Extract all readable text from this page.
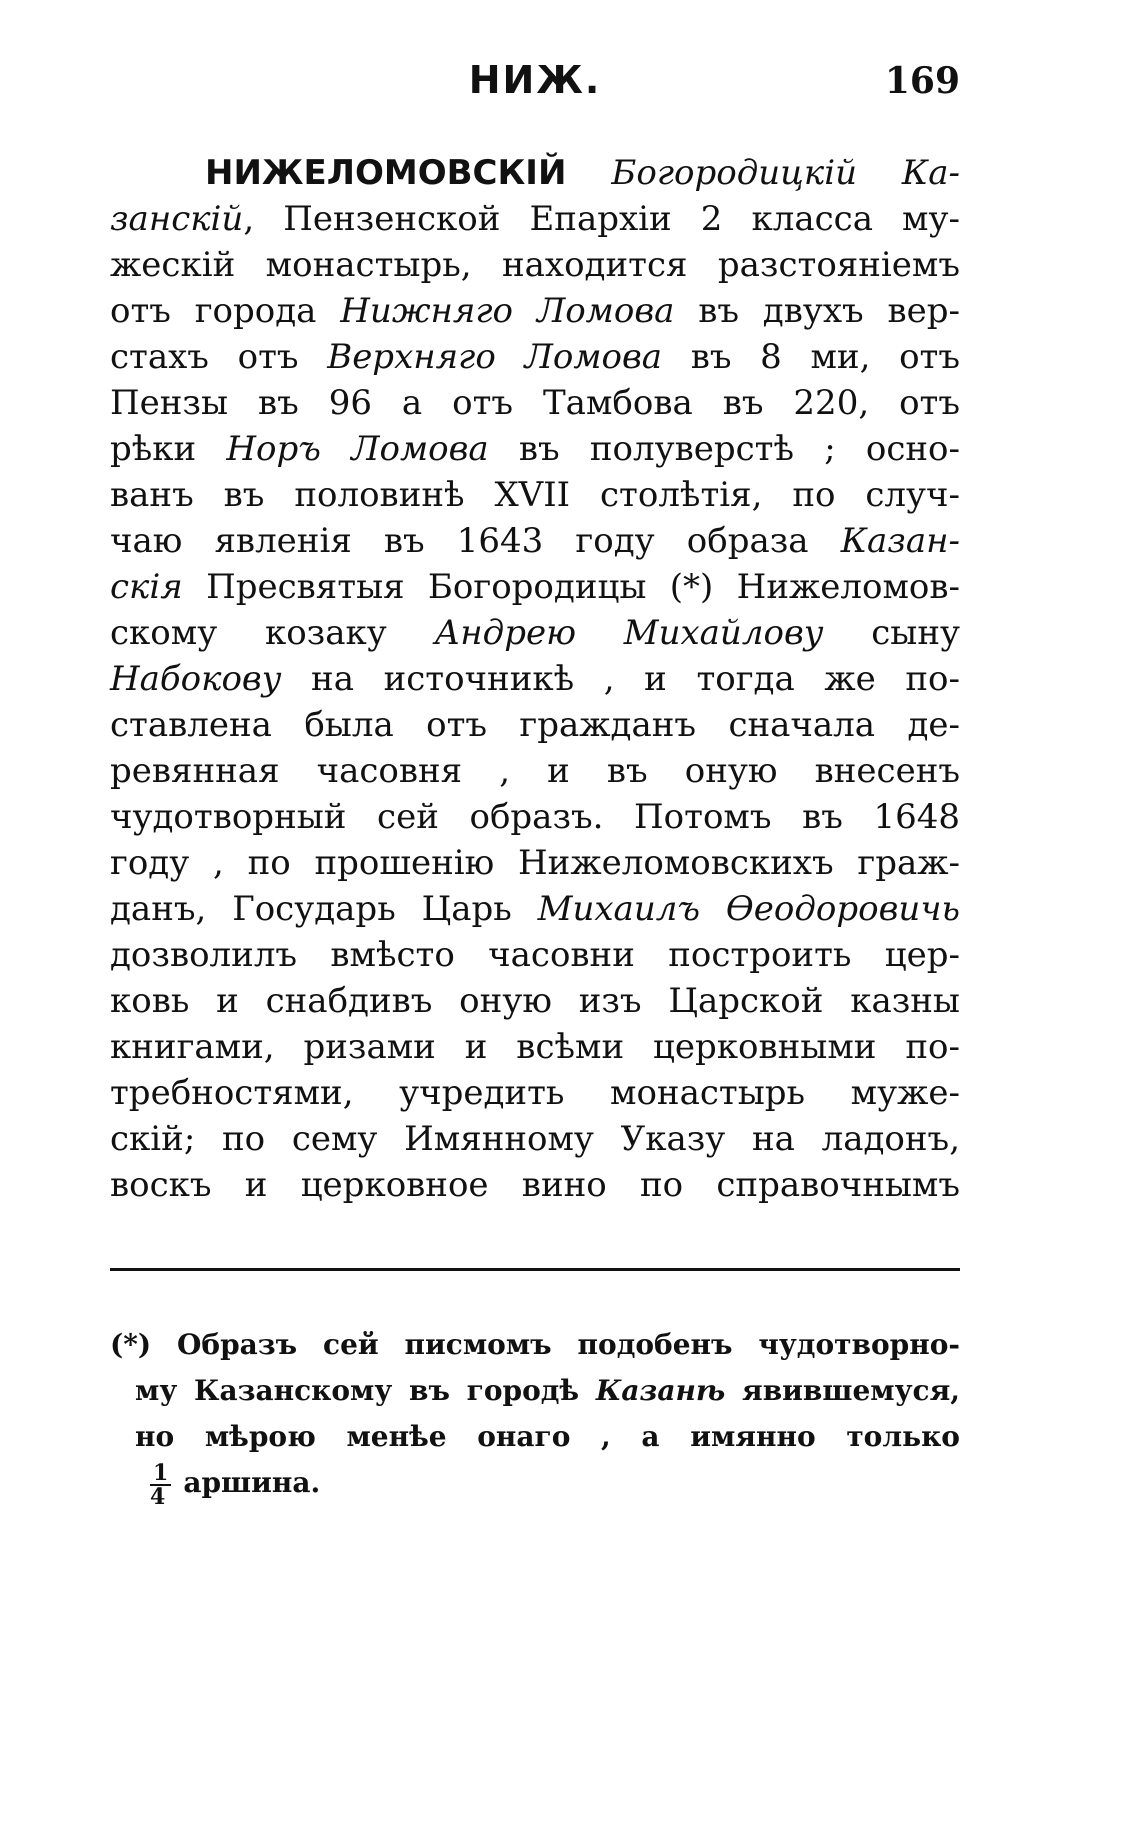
НИЖ.	169
НИЖЕЛОМОВСКІЙ Богородицкій Ка-
занскій, Пензенской Епархіи 2 класса му-
жескій монастырь, находится разстояніемъ
отъ города Нижняго Ломова въ двухъ вер-
стахъ отъ Верхняго Ломова въ 8 ми, отъ
Пензы въ 96 а отъ Тамбова въ 220, отъ
рѣки Норъ Ломова въ полуверстѣ ; осно-
ванъ въ половинѣ XVII столѣтія, по случ-
чаю явленія въ 1643 году образа Казан-
скія Пресвятыя Богородицы (*) Нижеломов-
скому козаку Андрею Михайлову сыну
Набокову на источникѣ , и тогда же по-
ставлена была отъ гражданъ сначала де-
ревянная часовня , и въ оную внесенъ
чудотворный сей образъ. Потомъ въ 1648
году , по прошенію Нижеломовскихъ граж-
данъ, Государь Царь Михаилъ Ѳеодоровичь
дозволилъ вмѣсто часовни построить цер-
ковь и снабдивъ оную изъ Царской казны
книгами, ризами и всѣми церковными по-
требностями, учредить монастырь муже-
скій; по сему Имянному Указу на ладонъ,
воскъ и церковное вино по справочнымъ
(*) Образъ сей писмомъ подобенъ чудотворно-
му Казанскому въ городѣ Казанѣ явившемуся,
но мѣрою менѣе онаго , а имянно только
$\frac{1}{4}$ аршина.
